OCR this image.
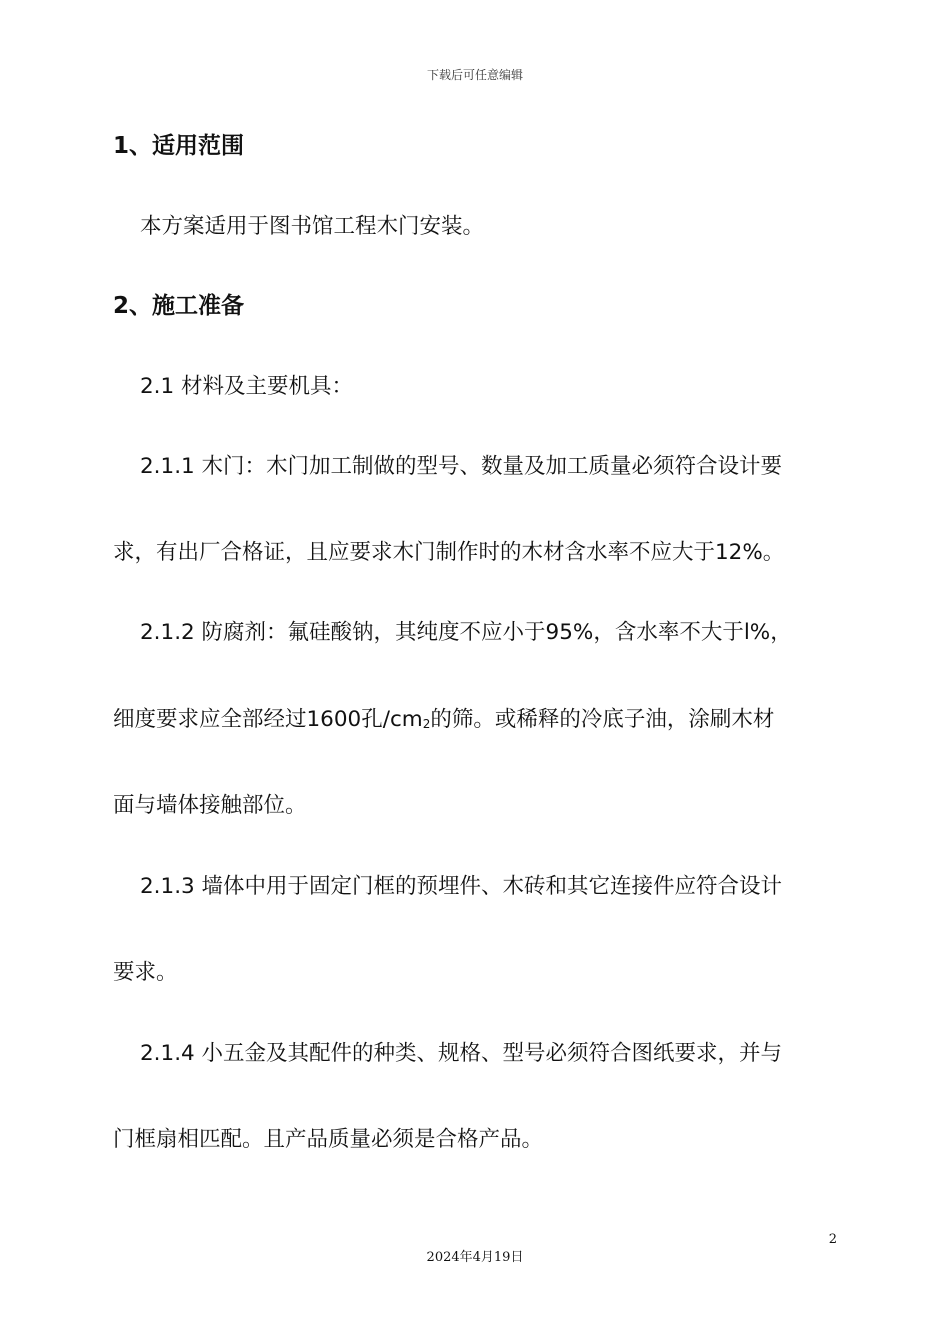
下载后可任意编辑
1、适用范围
本方案适用于图书馆工程木门安装。
2、施工准备
2.1 材料及主要机具：
2.1.1 木门：木门加工制做的型号、数量及加工质量必须符合设计要
求，有出厂合格证，且应要求木门制作时的木材含水率不应大于12%。
2.1.2 防腐剂：氟硅酸钠，其纯度不应小于95%，含水率不大于l%，
细度要求应全部经过1600孔$/cm_2$的筛。或稀释的冷底子油，涂刷木材
面与墙体接触部位。
2.1.3 墙体中用于固定门框的预埋件、木砖和其它连接件应符合设计
要求。
2.1.4 小五金及其配件的种类、规格、型号必须符合图纸要求，并与
门框扇相匹配。且产品质量必须是合格产品。
2
2024年4月19日
